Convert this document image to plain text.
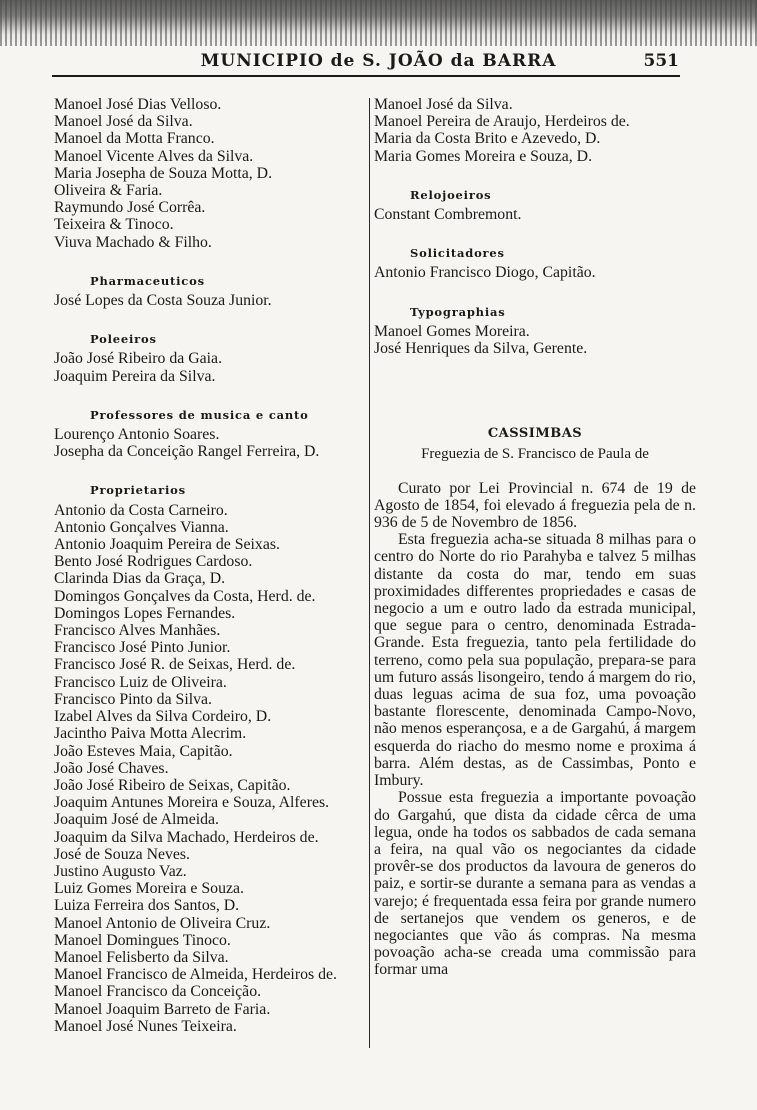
MUNICIPIO de S. JOÃO da BARRA	551
Manoel José Dias Velloso.
Manoel José da Silva.
Manoel da Motta Franco.
Manoel Vicente Alves da Silva.
Maria Josepha de Souza Motta, D.
Oliveira & Faria.
Raymundo José Corrêa.
Teixeira & Tinoco.
Viuva Machado & Filho.
Pharmaceuticos
José Lopes da Costa Souza Junior.
Poleeiros
João José Ribeiro da Gaia.
Joaquim Pereira da Silva.
Professores de musica e canto
Lourenço Antonio Soares.
Josepha da Conceição Rangel Ferreira, D.
Proprietarios
Antonio da Costa Carneiro.
Antonio Gonçalves Vianna.
Antonio Joaquim Pereira de Seixas.
Bento José Rodrigues Cardoso.
Clarinda Dias da Graça, D.
Domingos Gonçalves da Costa, Herd. de.
Domingos Lopes Fernandes.
Francisco Alves Manhães.
Francisco José Pinto Junior.
Francisco José R. de Seixas, Herd. de.
Francisco Luiz de Oliveira.
Francisco Pinto da Silva.
Izabel Alves da Silva Cordeiro, D.
Jacintho Paiva Motta Alecrim.
João Esteves Maia, Capitão.
João José Chaves.
João José Ribeiro de Seixas, Capitão.
Joaquim Antunes Moreira e Souza, Alferes.
Joaquim José de Almeida.
Joaquim da Silva Machado, Herdeiros de.
José de Souza Neves.
Justino Augusto Vaz.
Luiz Gomes Moreira e Souza.
Luiza Ferreira dos Santos, D.
Manoel Antonio de Oliveira Cruz.
Manoel Domingues Tinoco.
Manoel Felisberto da Silva.
Manoel Francisco de Almeida, Herdeiros de.
Manoel Francisco da Conceição.
Manoel Joaquim Barreto de Faria.
Manoel José Nunes Teixeira.
Manoel José da Silva.
Manoel Pereira de Araujo, Herdeiros de.
Maria da Costa Brito e Azevedo, D.
Maria Gomes Moreira e Souza, D.
Relojoeiros
Constant Combremont.
Solicitadores
Antonio Francisco Diogo, Capitão.
Typographias
Manoel Gomes Moreira.
José Henriques da Silva, Gerente.
CASSIMBAS
Freguezia de S. Francisco de Paula de

Curato por Lei Provincial n. 674 de 19 de Agosto de 1854, foi elevado á freguezia pela de n. 936 de 5 de Novembro de 1856.

Esta freguezia acha-se situada 8 milhas para o centro do Norte do rio Parahyba e talvez 5 milhas distante da costa do mar, tendo em suas proximidades differentes propriedades e casas de negocio a um e outro lado da estrada municipal, que segue para o centro, denominada Estrada-Grande. Esta freguezia, tanto pela fertilidade do terreno, como pela sua população, prepara-se para um futuro assás lisongeiro, tendo á margem do rio, duas leguas acima de sua foz, uma povoação bastante florescente, denominada Campo-Novo, não menos esperançosa, e a de Gargahú, á margem esquerda do riacho do mesmo nome e proxima á barra. Além destas, as de Cassimbas, Ponto e Imbury.

Possue esta freguezia a importante povoação do Gargahú, que dista da cidade cêrca de uma legua, onde ha todos os sabbados de cada semana a feira, na qual vão os negociantes da cidade provêr-se dos productos da lavoura de generos do paiz, e sortir-se durante a semana para as vendas a varejo; é frequentada essa feira por grande numero de sertanejos que vendem os generos, e de negociantes que vão ás compras. Na mesma povoação acha-se creada uma commissão para formar uma
